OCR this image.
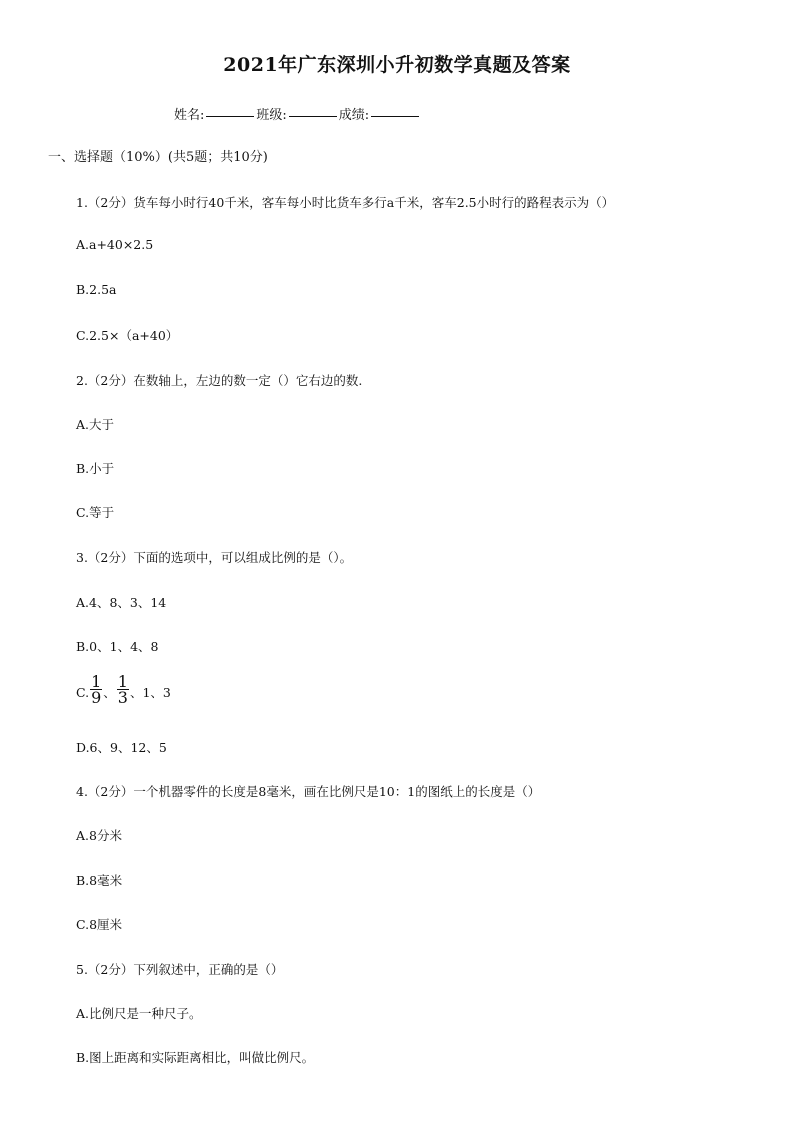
2021年广东深圳小升初数学真题及答案
姓名:	班级:	成绩:
一、选择题（10%）(共5题；共10分)
1.（2分）货车每小时行40千米，客车每小时比货车多行a千米，客车2.5小时行的路程表示为（）
A.a+40×2.5
B.2.5a
C.2.5×（a+40）
2.（2分）在数轴上，左边的数一定（）它右边的数.
A.大于
B.小于
C.等于
3.（2分）下面的选项中，可以组成比例的是（）。
A.4、8、3、14
B.0、1、4、8
C. $\frac{1}{9}$ 、 $\frac{1}{3}$ 、1、3
D.6、9、12、5
4.（2分）一个机器零件的长度是8毫米，画在比例尺是10：1的图纸上的长度是（）
A.8分米
B.8毫米
C.8厘米
5.（2分）下列叙述中，正确的是（）
A.比例尺是一种尺子。
B.图上距离和实际距离相比，叫做比例尺。
